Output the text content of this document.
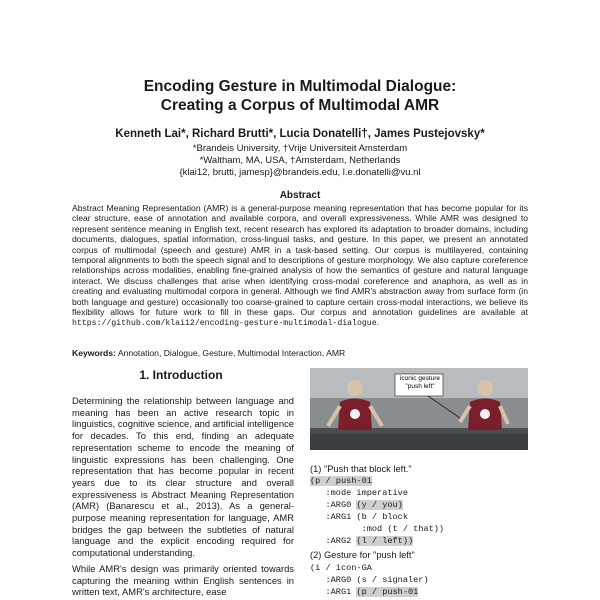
Encoding Gesture in Multimodal Dialogue:
Creating a Corpus of Multimodal AMR
Kenneth Lai*, Richard Brutti*, Lucia Donatelli†, James Pustejovsky*
*Brandeis University, †Vrije Universiteit Amsterdam
*Waltham, MA, USA, †Amsterdam, Netherlands
{klai12, brutti, jamesp}@brandeis.edu, l.e.donatelli@vu.nl
Abstract
Abstract Meaning Representation (AMR) is a general-purpose meaning representation that has become popular for its clear structure, ease of annotation and available corpora, and overall expressiveness. While AMR was designed to represent sentence meaning in English text, recent research has explored its adaptation to broader domains, including documents, dialogues, spatial information, cross-lingual tasks, and gesture. In this paper, we present an annotated corpus of multimodal (speech and gesture) AMR in a task-based setting. Our corpus is multilayered, containing temporal alignments to both the speech signal and to descriptions of gesture morphology. We also capture coreference relationships across modalities, enabling fine-grained analysis of how the semantics of gesture and natural language interact. We discuss challenges that arise when identifying cross-modal coreference and anaphora, as well as in creating and evaluating multimodal corpora in general. Although we find AMR's abstraction away from surface form (in both language and gesture) occasionally too coarse-grained to capture certain cross-modal interactions, we believe its flexibility allows for future work to fill in these gaps. Our corpus and annotation guidelines are available at https://github.com/klai12/encoding-gesture-multimodal-dialogue.
Keywords: Annotation, Dialogue, Gesture, Multimodal Interaction, AMR
1. Introduction

Determining the relationship between language and meaning has been an active research topic in linguistics, cognitive science, and artificial intelligence for decades. To this end, finding an adequate representation scheme to encode the meaning of linguistic expressions has been challenging. One representation that has become popular in recent years due to its clear structure and overall expressiveness is Abstract Meaning Representation (AMR) (Banarescu et al., 2013). As a general-purpose meaning representation for language, AMR bridges the gap between the subtleties of natural language and the explicit encoding required for computational understanding.

While AMR's design was primarily oriented towards capturing the meaning within English sentences in written text, AMR's architecture, ease

iconic gesture
"push left"
(1) "Push that block left."
(p / push-01
:mode imperative
:ARG0 (y / you)
:ARG1 (b / block
:mod (t / that))
:ARG2 (l / left))
(2) Gesture for "push left"
(i / icon-GA
:ARG0 (s / signaler)
:ARG1 (p / push-01
